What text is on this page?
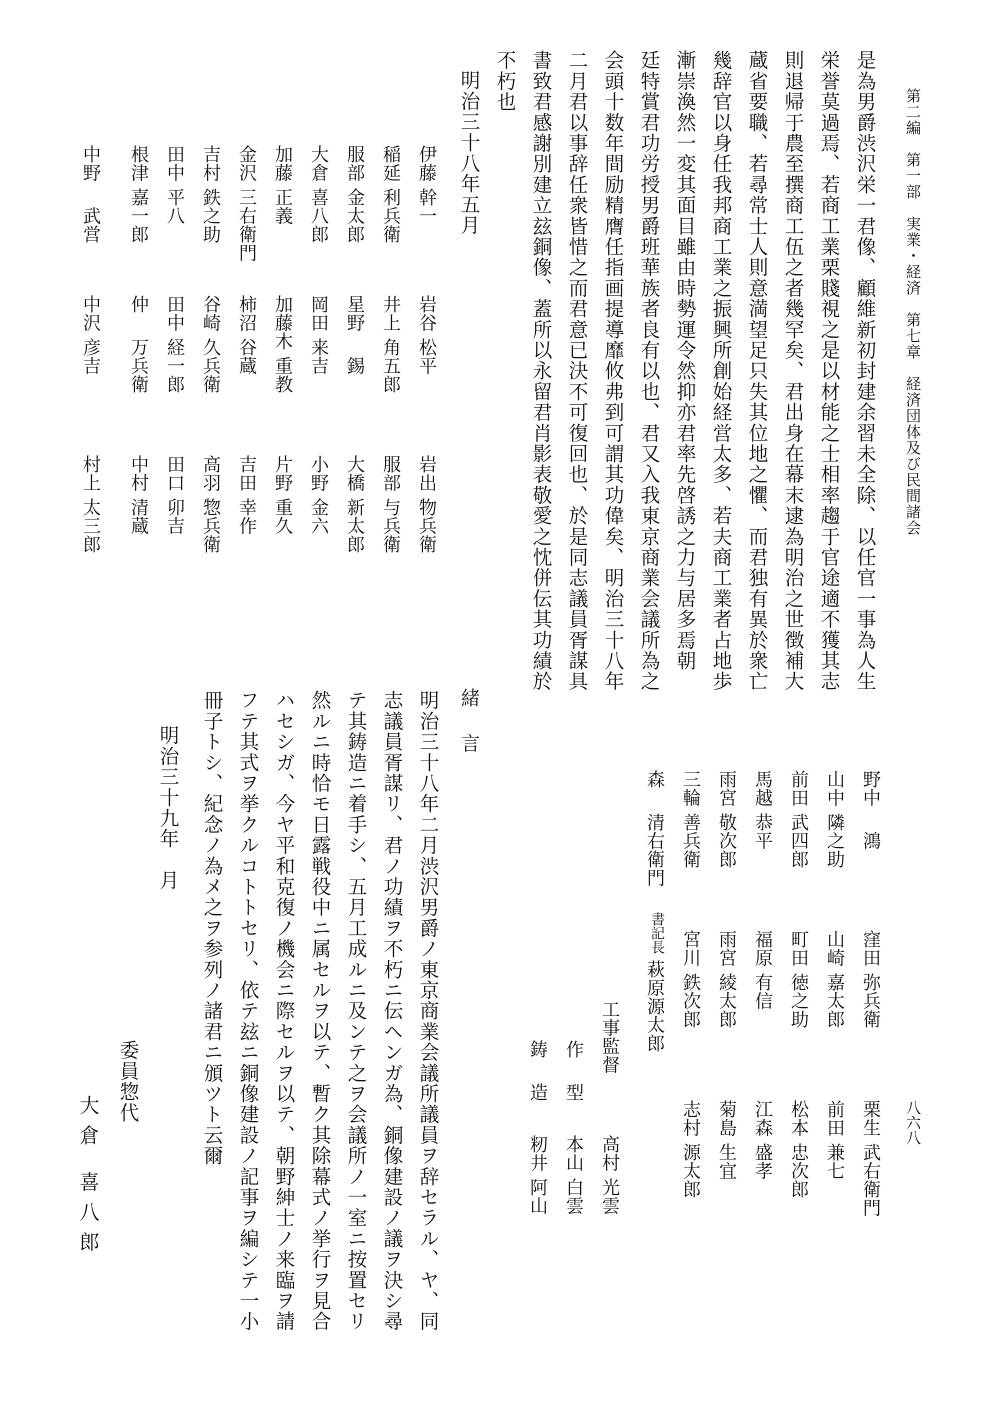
第二編　第一部　実業・経済　第七章　経済団体及び民間諸会
八六八
是為男爵渋沢栄一君像、顧維新初封建余習未全除、以任官一事為人生
栄誉莫過焉、若商工業栗賤視之是以材能之士相率趨于官途適不獲其志
則退帰于農至撰商工伍之者幾罕矣、君出身在幕末逮為明治之世徴補大
蔵省要職、若尋常士人則意満望足只失其位地之懼、而君独有異於衆亡
幾辞官以身任我邦商工業之振興所創始経営太多、若夫商工業者占地歩
漸崇渙然一変其面目雖由時勢運令然抑亦君率先啓誘之力与居多焉朝
廷特賞君功労授男爵班華族者良有以也、君又入我東京商業会議所為之
会頭十数年間励精膺任指画提導靡攸弗到可謂其功偉矣、明治三十八年
二月君以事辞任衆皆惜之而君意已決不可復回也、於是同志議員胥謀具
書致君感謝別建立玆銅像、蓋所以永留君肖影表敬愛之忱併伝其功績於
不朽也
明治三十八年五月
伊藤 幹一
岩谷 松平
岩出 物兵衛
稲延 利兵衛
井上 角五郎
服部 与兵衛
服部 金太郎
星野 　錫
大橋 新太郎
大倉 喜八郎
岡田 来吉
小野 金六
加藤 正義
加藤木 重教
片野 重久
金沢 三右衛門
柿沼 谷蔵
吉田 幸作
吉村 鉄之助
谷崎 久兵衛
高羽 惣兵衛
田中 平八
田中 経一郎
田口 卯吉
根津 嘉一郎
仲 　万兵衛
中村 清蔵
中野 　武営
中沢 彦吉
村上 太三郎
野中 　鴻
窪田 弥兵衛
栗生 武右衛門
山中 隣之助
山崎 嘉太郎
前田 兼七
前田 武四郎
町田 徳之助
松本 忠次郎
馬越 恭平
福原 有信
江森 盛孝
雨宮 敬次郎
雨宮 綾太郎
菊島 生宜
三輪 善兵衛
宮川 鉄次郎
志村 源太郎
森 　清右衛門
書記長
萩原源太郎
工事監督
高村 光雲
作 　型
本山 白雲
鋳 　造
籾井 阿山
緒 言
明治三十八年二月渋沢男爵ノ東京商業会議所議員ヲ辞セラル、ヤ、同
志議員胥謀リ、君ノ功績ヲ不朽ニ伝ヘンガ為、銅像建設ノ議ヲ決シ尋
テ其鋳造ニ着手シ、五月工成ルニ及ンテ之ヲ会議所ノ一室ニ按置セリ
然ルニ時恰モ日露戦役中ニ属セルヲ以テ、暫ク其除幕式ノ挙行ヲ見合
ハセシガ、今ヤ平和克復ノ機会ニ際セルヲ以テ、朝野紳士ノ来臨ヲ請
フテ其式ヲ挙クルコトトセリ、依テ玆ニ銅像建設ノ記事ヲ編シテ一小
冊子トシ、紀念ノ為メ之ヲ参列ノ諸君ニ頒ツト云爾
明治三十九年　月
委員惣代
大倉 喜八郎
